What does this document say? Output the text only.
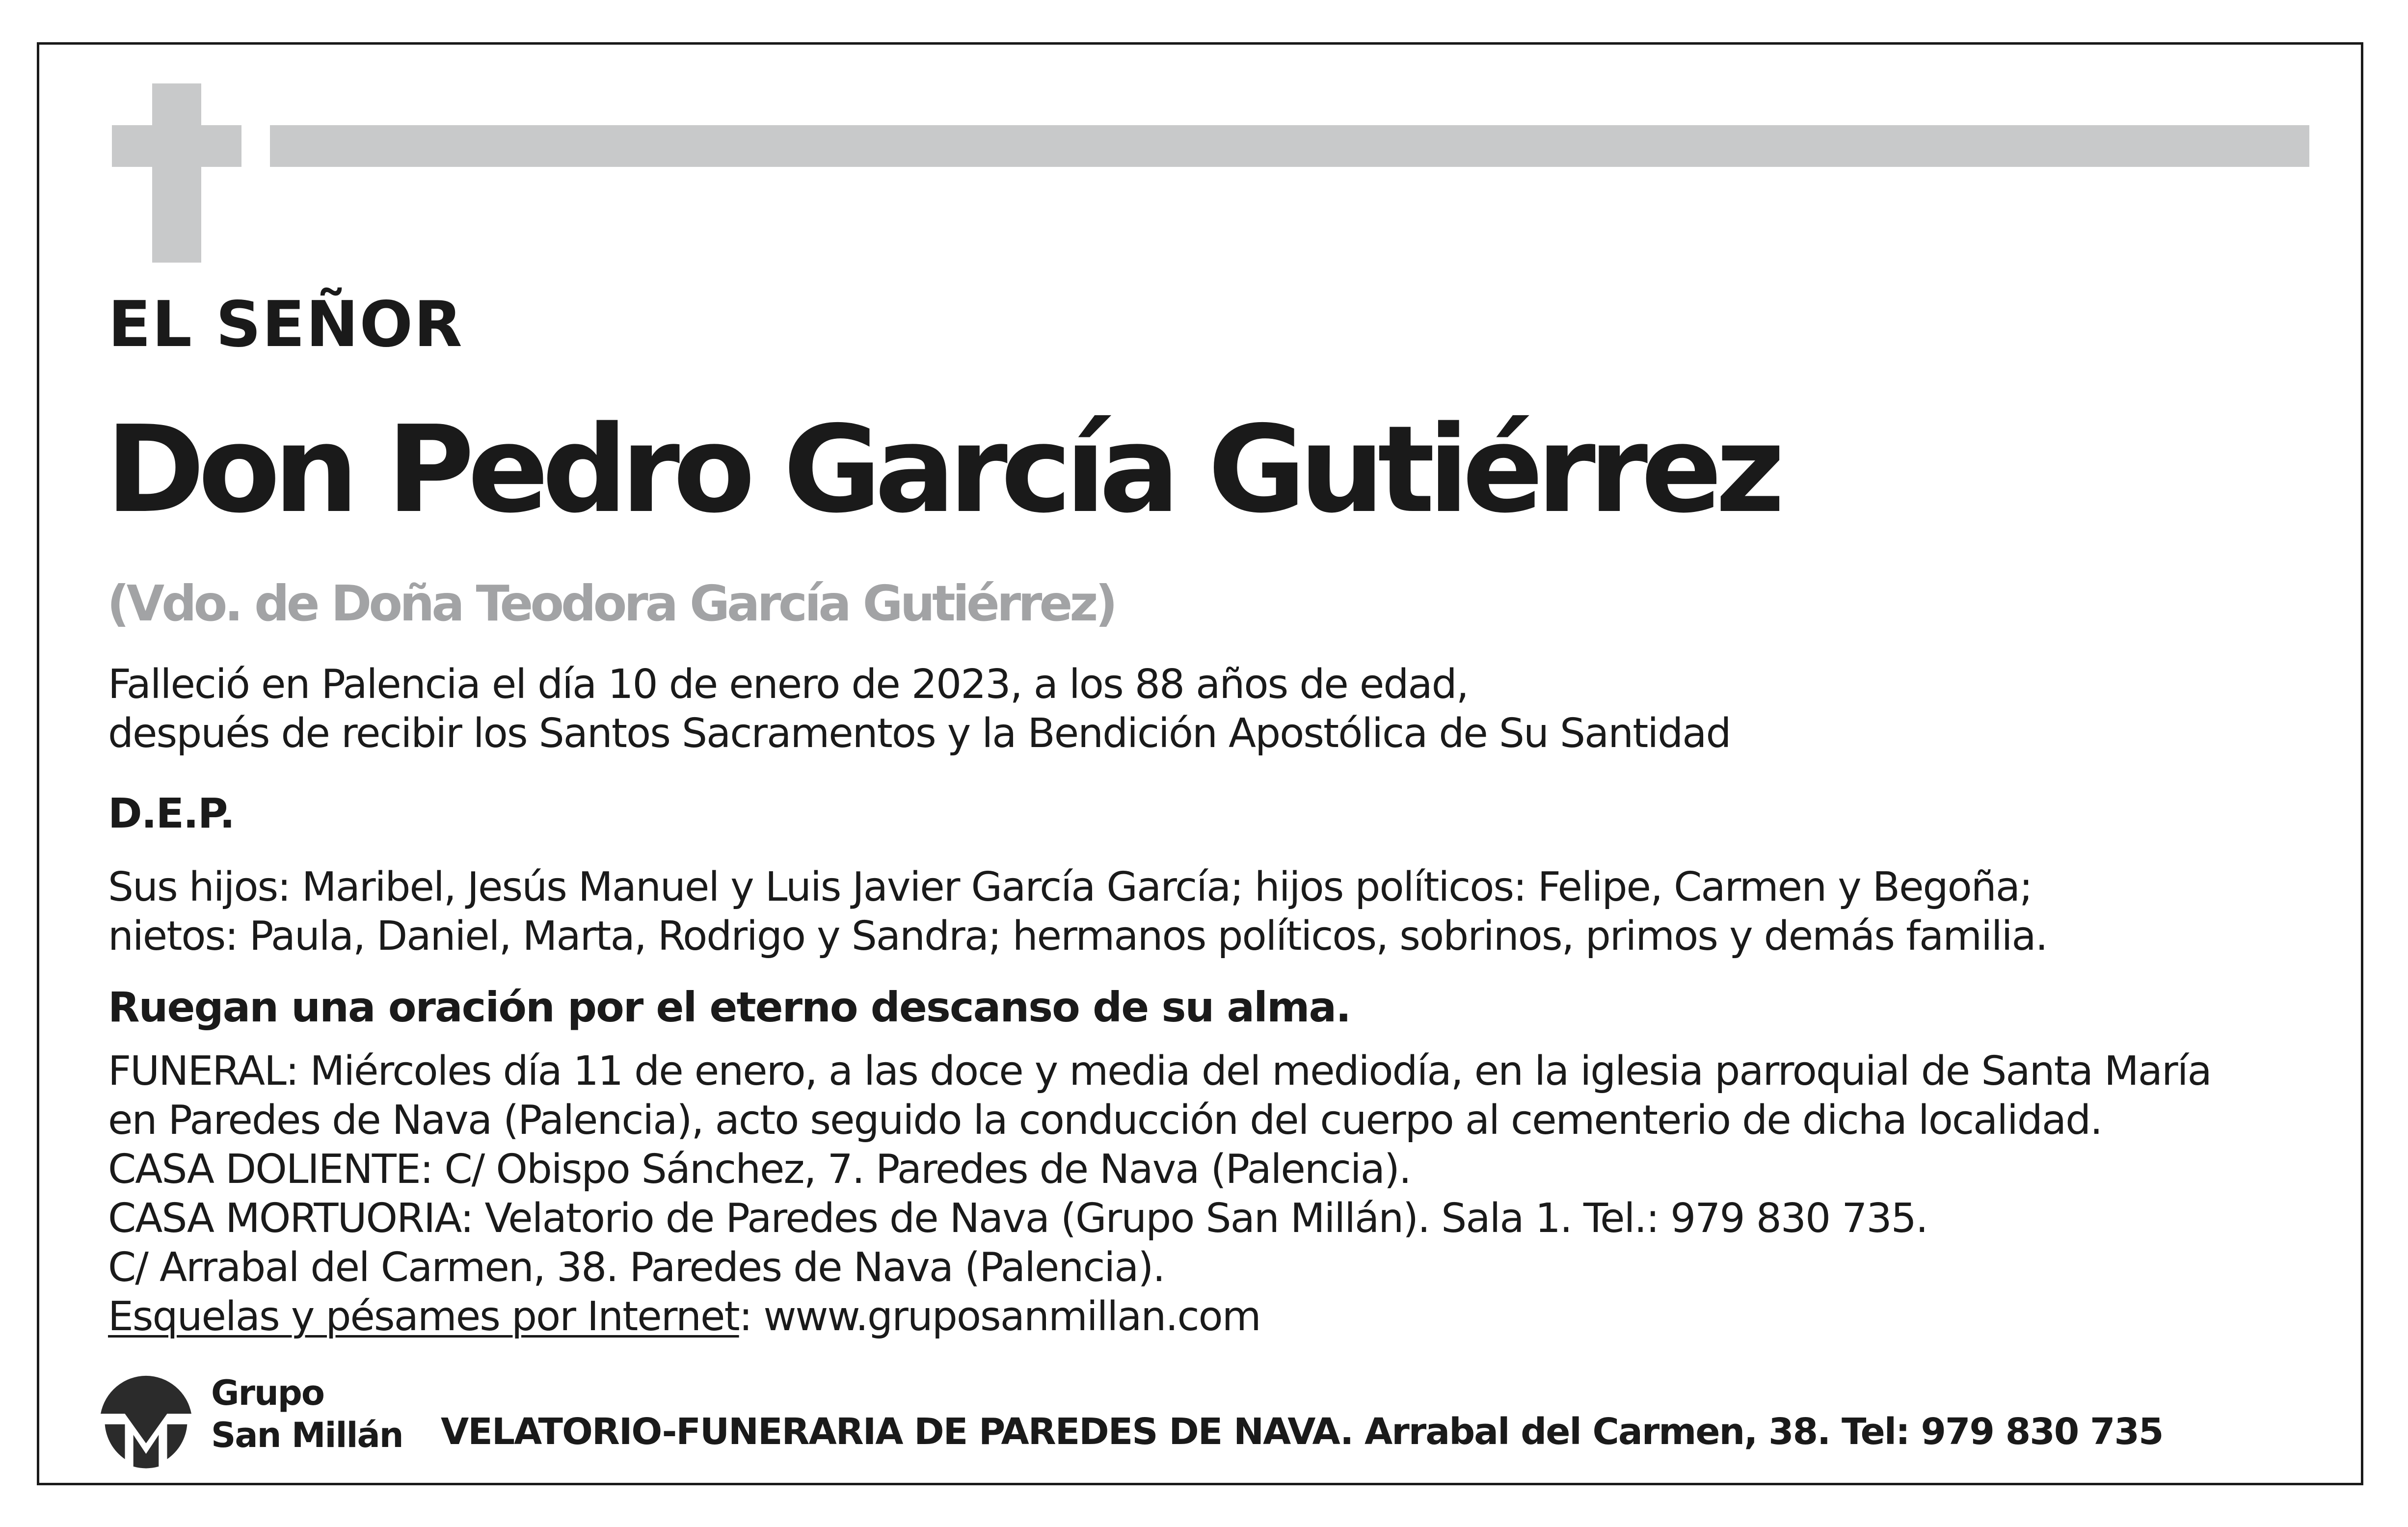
EL SEÑOR
Don Pedro García Gutiérrez
(Vdo. de Doña Teodora García Gutiérrez)
Falleció en Palencia el día 10 de enero de 2023, a los 88 años de edad,
después de recibir los Santos Sacramentos y la Bendición Apostólica de Su Santidad
D.E.P.
Sus hijos: Maribel, Jesús Manuel y Luis Javier García García; hijos políticos: Felipe, Carmen y Begoña;
nietos: Paula, Daniel, Marta, Rodrigo y Sandra; hermanos políticos, sobrinos, primos y demás familia.
Ruegan una oración por el eterno descanso de su alma.
FUNERAL: Miércoles día 11 de enero, a las doce y media del mediodía, en la iglesia parroquial de Santa María
en Paredes de Nava (Palencia), acto seguido la conducción del cuerpo al cementerio de dicha localidad.
CASA DOLIENTE: C/ Obispo Sánchez, 7. Paredes de Nava (Palencia).
CASA MORTUORIA: Velatorio de Paredes de Nava (Grupo San Millán). Sala 1. Tel.: 979 830 735.
C/ Arrabal del Carmen, 38. Paredes de Nava (Palencia).
Esquelas y pésames por Internet: www.gruposanmillan.com
Grupo
San Millán VELATORIO-FUNERARIA DE PAREDES DE NAVA. Arrabal del Carmen, 38. Tel: 979 830 735
